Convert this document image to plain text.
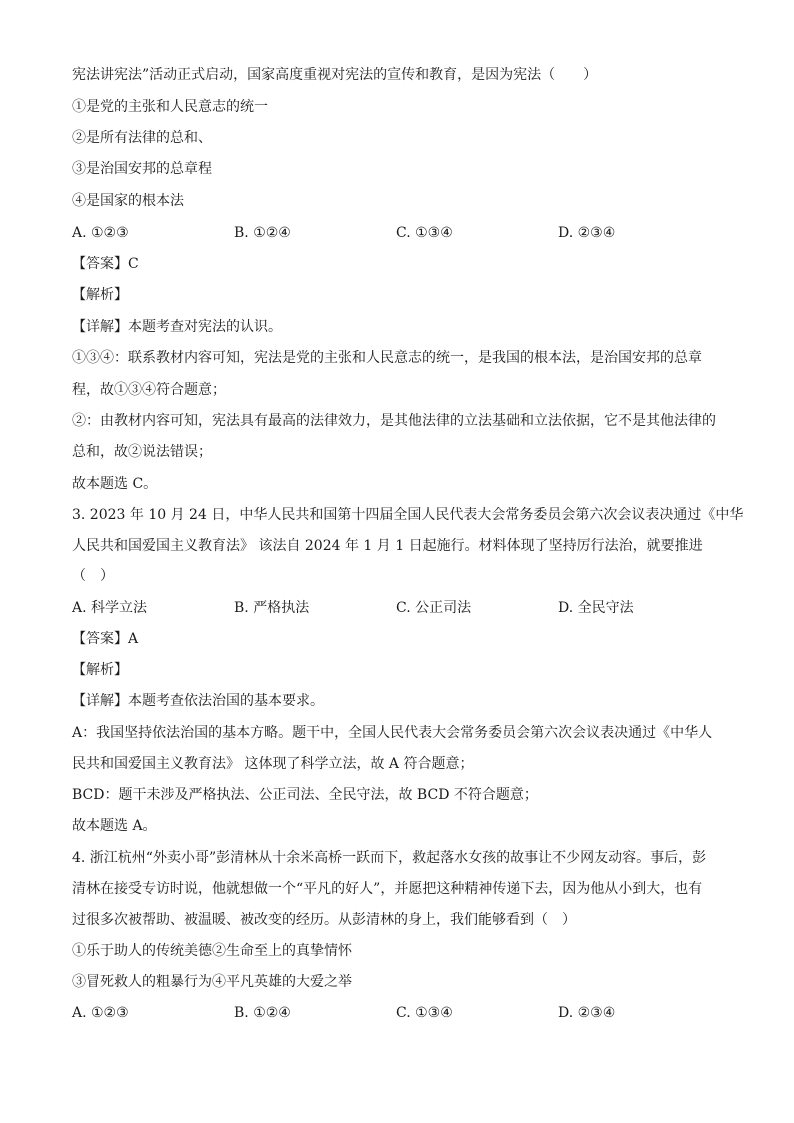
宪法讲宪法”活动正式启动，国家高度重视对宪法的宣传和教育，是因为宪法（　　）
①是党的主张和人民意志的统一
②是所有法律的总和、
③是治国安邦的总章程
④是国家的根本法
A. ①②③	B. ①②④	C. ①③④	D. ②③④
【答案】C
【解析】
【详解】本题考查对宪法的认识。
①③④：联系教材内容可知，宪法是党的主张和人民意志的统一，是我国的根本法，是治国安邦的总章
程，故①③④符合题意；
②：由教材内容可知，宪法具有最高的法律效力，是其他法律的立法基础和立法依据，它不是其他法律的
总和，故②说法错误；
故本题选 C。
3. 2023 年 10 月 24 日，中华人民共和国第十四届全国人民代表大会常务委员会第六次会议表决通过《中华
人民共和国爱国主义教育法》 该法自 2024 年 1 月 1 日起施行。材料体现了坚持厉行法治，就要推进
（　）
A. 科学立法	B. 严格执法	C. 公正司法	D. 全民守法
【答案】A
【解析】
【详解】本题考查依法治国的基本要求。
A：我国坚持依法治国的基本方略。题干中，全国人民代表大会常务委员会第六次会议表决通过《中华人
民共和国爱国主义教育法》 这体现了科学立法，故 A 符合题意；
BCD：题干未涉及严格执法、公正司法、全民守法，故 BCD 不符合题意；
故本题选 A。
4. 浙江杭州“外卖小哥”彭清林从十余米高桥一跃而下，救起落水女孩的故事让不少网友动容。事后，彭
清林在接受专访时说，他就想做一个“平凡的好人”，并愿把这种精神传递下去，因为他从小到大，也有
过很多次被帮助、被温暖、被改变的经历。从彭清林的身上，我们能够看到（　）
①乐于助人的传统美德②生命至上的真挚情怀
③冒死救人的粗暴行为④平凡英雄的大爱之举
A. ①②③	B. ①②④	C. ①③④	D. ②③④
